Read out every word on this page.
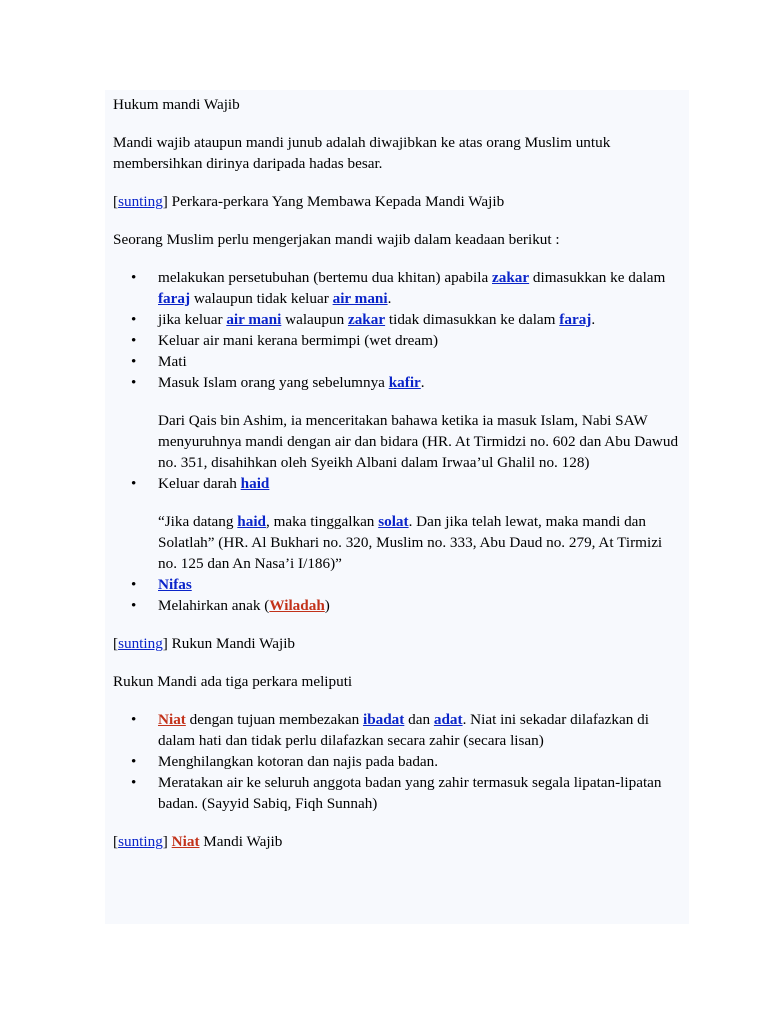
Hukum mandi Wajib

Mandi wajib ataupun mandi junub adalah diwajibkan ke atas orang Muslim untuk membersihkan dirinya daripada hadas besar.

[sunting] Perkara-perkara Yang Membawa Kepada Mandi Wajib

Seorang Muslim perlu mengerjakan mandi wajib dalam keadaan berikut :

• melakukan persetubuhan (bertemu dua khitan) apabila zakar dimasukkan ke dalam faraj walaupun tidak keluar air mani.
• jika keluar air mani walaupun zakar tidak dimasukkan ke dalam faraj.
• Keluar air mani kerana bermimpi (wet dream)
• Mati
• Masuk Islam orang yang sebelumnya kafir.

Dari Qais bin Ashim, ia menceritakan bahawa ketika ia masuk Islam, Nabi SAW menyuruhnya mandi dengan air dan bidara (HR. At Tirmidzi no. 602 dan Abu Dawud no. 351, disahihkan oleh Syeikh Albani dalam Irwaa’ul Ghalil no. 128)

• Keluar darah haid

“Jika datang haid, maka tinggalkan solat. Dan jika telah lewat, maka mandi dan Solatlah” (HR. Al Bukhari no. 320, Muslim no. 333, Abu Daud no. 279, At Tirmizi no. 125 dan An Nasa’i I/186)”

• Nifas
• Melahirkan anak (Wiladah)

[sunting] Rukun Mandi Wajib

Rukun Mandi ada tiga perkara meliputi

• Niat dengan tujuan membezakan ibadat dan adat. Niat ini sekadar dilafazkan di dalam hati dan tidak perlu dilafazkan secara zahir (secara lisan)
• Menghilangkan kotoran dan najis pada badan.
• Meratakan air ke seluruh anggota badan yang zahir termasuk segala lipatan-lipatan badan. (Sayyid Sabiq, Fiqh Sunnah)

[sunting] Niat Mandi Wajib
